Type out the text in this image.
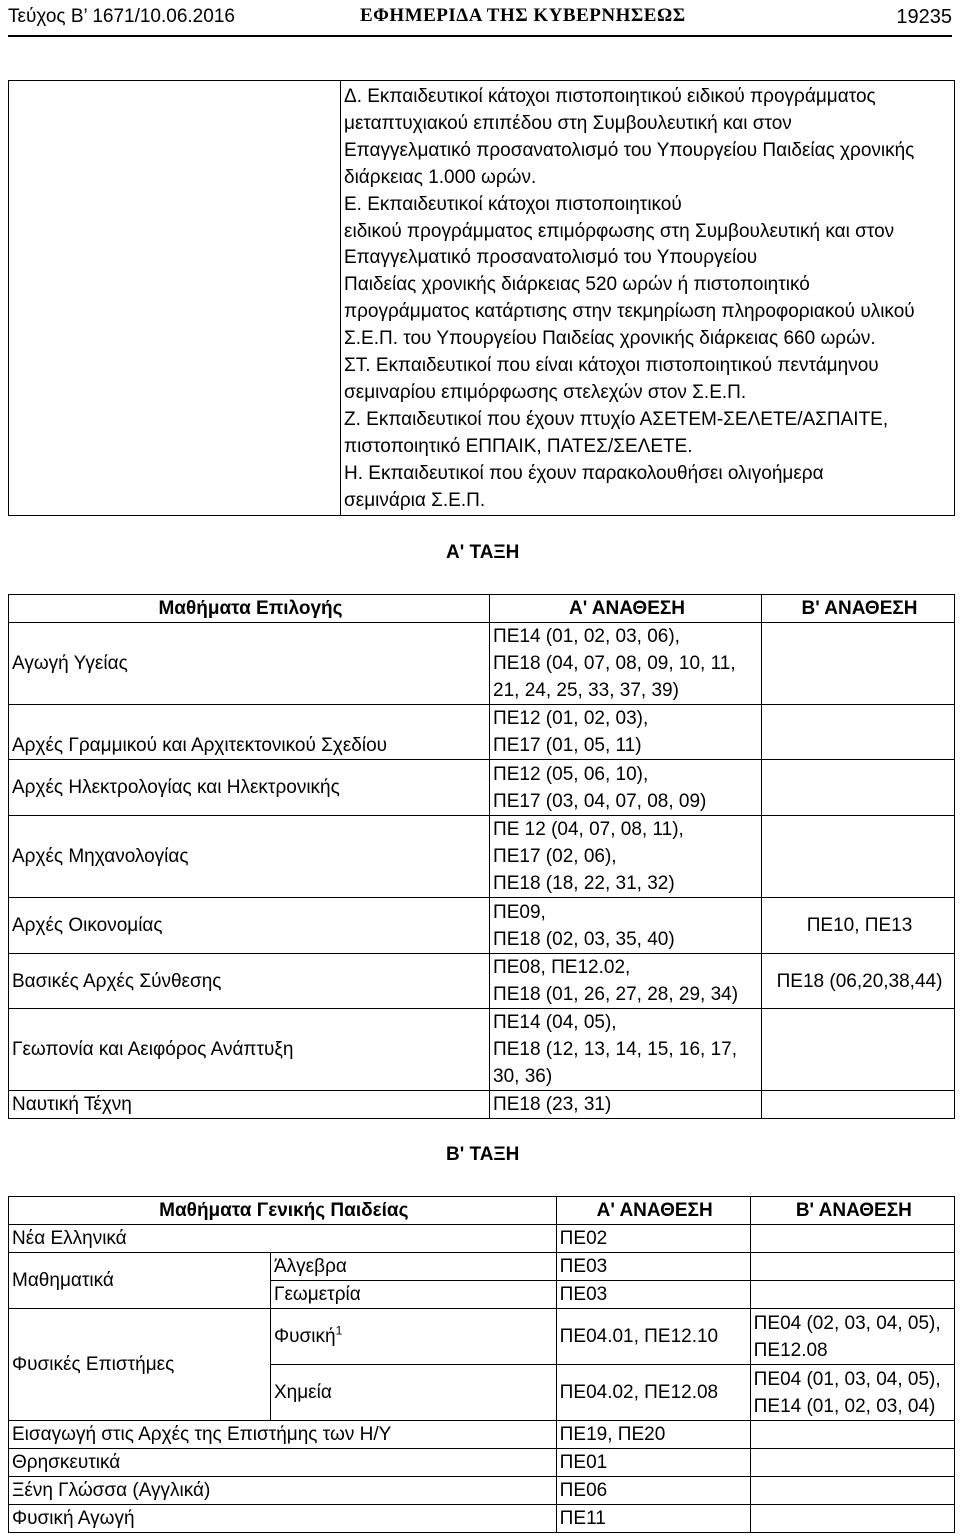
Τεύχος Β’ 1671/10.06.2016	ΕΦΗΜΕΡΙΔΑ ΤΗΣ ΚΥΒΕΡΝΗΣΕΩΣ	19235

Δ. Εκπαιδευτικοί κάτοχοι πιστοποιητικού ειδικού προγράμματος
μεταπτυχιακού επιπέδου στη Συμβουλευτική και στον
Επαγγελματικό προσανατολισμό του Υπουργείου Παιδείας χρονικής
διάρκειας 1.000 ωρών.
Ε. Εκπαιδευτικοί κάτοχοι πιστοποιητικού
ειδικού προγράμματος επιμόρφωσης στη Συμβουλευτική και στον
Επαγγελματικό προσανατολισμό του Υπουργείου
Παιδείας χρονικής διάρκειας 520 ωρών ή πιστοποιητικό
προγράμματος κατάρτισης στην τεκμηρίωση πληροφοριακού υλικού
Σ.Ε.Π. του Υπουργείου Παιδείας χρονικής διάρκειας 660 ωρών.
ΣΤ. Εκπαιδευτικοί που είναι κάτοχοι πιστοποιητικού πεντάμηνου
σεμιναρίου επιμόρφωσης στελεχών στον Σ.Ε.Π.
Ζ. Εκπαιδευτικοί που έχουν πτυχίο ΑΣΕΤΕΜ-ΣΕΛΕΤΕ/ΑΣΠΑΙΤΕ,
πιστοποιητικό ΕΠΠΑΙΚ, ΠΑΤΕΣ/ΣΕΛΕΤΕ.
Η. Εκπαιδευτικοί που έχουν παρακολουθήσει ολιγοήμερα
σεμινάρια Σ.Ε.Π.
Α' ΤΑΞΗ
Μαθήματα Επιλογής	Α' ΑΝΑΘΕΣΗ	Β' ΑΝΑΘΕΣΗ
Αγωγή Υγείας	ΠΕ14 (01, 02, 03, 06),
ΠΕ18 (04, 07, 08, 09, 10, 11,
21, 24, 25, 33, 37, 39)	

Αρχές Γραμμικού και Αρχιτεκτονικού Σχεδίου	ΠΕ12 (01, 02, 03),
ΠΕ17 (01, 05, 11)	

Αρχές Ηλεκτρολογίας και Ηλεκτρονικής	ΠΕ12 (05, 06, 10),
ΠΕ17 (03, 04, 07, 08, 09)	

Αρχές Μηχανολογίας	ΠΕ 12 (04, 07, 08, 11),
ΠΕ17 (02, 06),
ΠΕ18 (18, 22, 31, 32)	

Αρχές Οικονομίας	ΠΕ09,
ΠΕ18 (02, 03, 35, 40)	ΠΕ10, ΠΕ13
Βασικές Αρχές Σύνθεσης	ΠΕ08, ΠΕ12.02,
ΠΕ18 (01, 26, 27, 28, 29, 34)	ΠΕ18 (06,20,38,44)
Γεωπονία και Αειφόρος Ανάπτυξη	ΠΕ14 (04, 05),
ΠΕ18 (12, 13, 14, 15, 16, 17,
30, 36)	

Ναυτική Τέχνη	ΠΕ18 (23, 31)	

Β' ΤΑΞΗ
Μαθήματα Γενικής Παιδείας		Α' ΑΝΑΘΕΣΗ	Β' ΑΝΑΘΕΣΗ
Νέα Ελληνικά		ΠΕ02	
Μαθηματικά	Άλγεβρα	ΠΕ03	
	Γεωμετρία	ΠΕ03	
Φυσικές Επιστήμες	Φυσική$^1$	ΠΕ04.01, ΠΕ12.10	ΠΕ04 (02, 03, 04, 05),
ΠΕ12.08

	Χημεία	ΠΕ04.02, ΠΕ12.08	ΠΕ04 (01, 03, 04, 05),
ΠΕ14 (01, 02, 03, 04)

Εισαγωγή στις Αρχές της Επιστήμης των Η/Υ		ΠΕ19, ΠΕ20	
Θρησκευτικά		ΠΕ01	
Ξένη Γλώσσα (Αγγλικά)		ΠΕ06	
Φυσική Αγωγή		ΠΕ11	
